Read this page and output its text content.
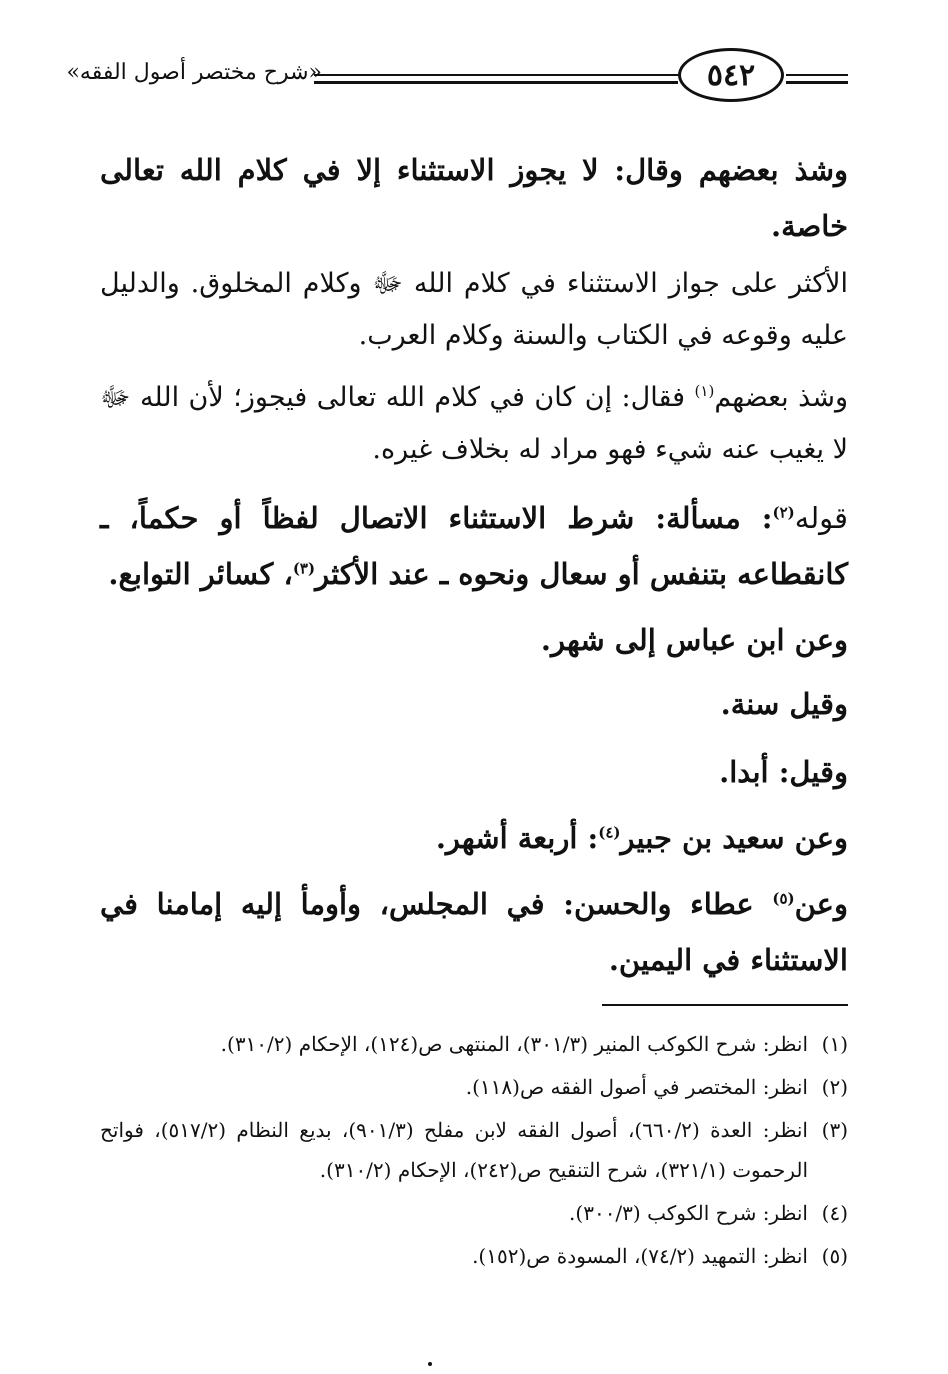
«شرح مختصر أصول الفقه»	٥٤٢
وشذ بعضهم وقال: لا يجوز الاستثناء إلا في كلام الله تعالى خاصة.
الأكثر على جواز الاستثناء في كلام الله ﷻ وكلام المخلوق. والدليل عليه وقوعه في الكتاب والسنة وكلام العرب.
وشذ بعضهم$^{(١)}$ فقال: إن كان في كلام الله تعالى فيجوز؛ لأن الله ﷻ لا يغيب عنه شيء فهو مراد له بخلاف غيره.
قوله$^{(٢)}$: مسألة: شرط الاستثناء الاتصال لفظاً أو حكماً، ـ كانقطاعه بتنفس أو سعال ونحوه ـ عند الأكثر$^{(٣)}$، كسائر التوابع.
وعن ابن عباس إلى شهر.
وقيل سنة.
وقيل: أبدا.
وعن سعيد بن جبير$^{(٤)}$: أربعة أشهر.
وعن$^{(٥)}$ عطاء والحسن: في المجلس، وأومأ إليه إمامنا في الاستثناء في اليمين.
(١)
انظر: شرح الكوكب المنير (٣٠١/٣)، المنتهى ص(١٢٤)، الإحكام (٣١٠/٢).
(٢)
انظر: المختصر في أصول الفقه ص(١١٨).
(٣)
انظر: العدة (٦٦٠/٢)، أصول الفقه لابن مفلح (٩٠١/٣)، بديع النظام (٥١٧/٢)، فواتح الرحموت (٣٢١/١)، شرح التنقيح ص(٢٤٢)، الإحكام (٣١٠/٢).
(٤)
انظر: شرح الكوكب (٣٠٠/٣).
(٥)
انظر: التمهيد (٧٤/٢)، المسودة ص(١٥٢).
